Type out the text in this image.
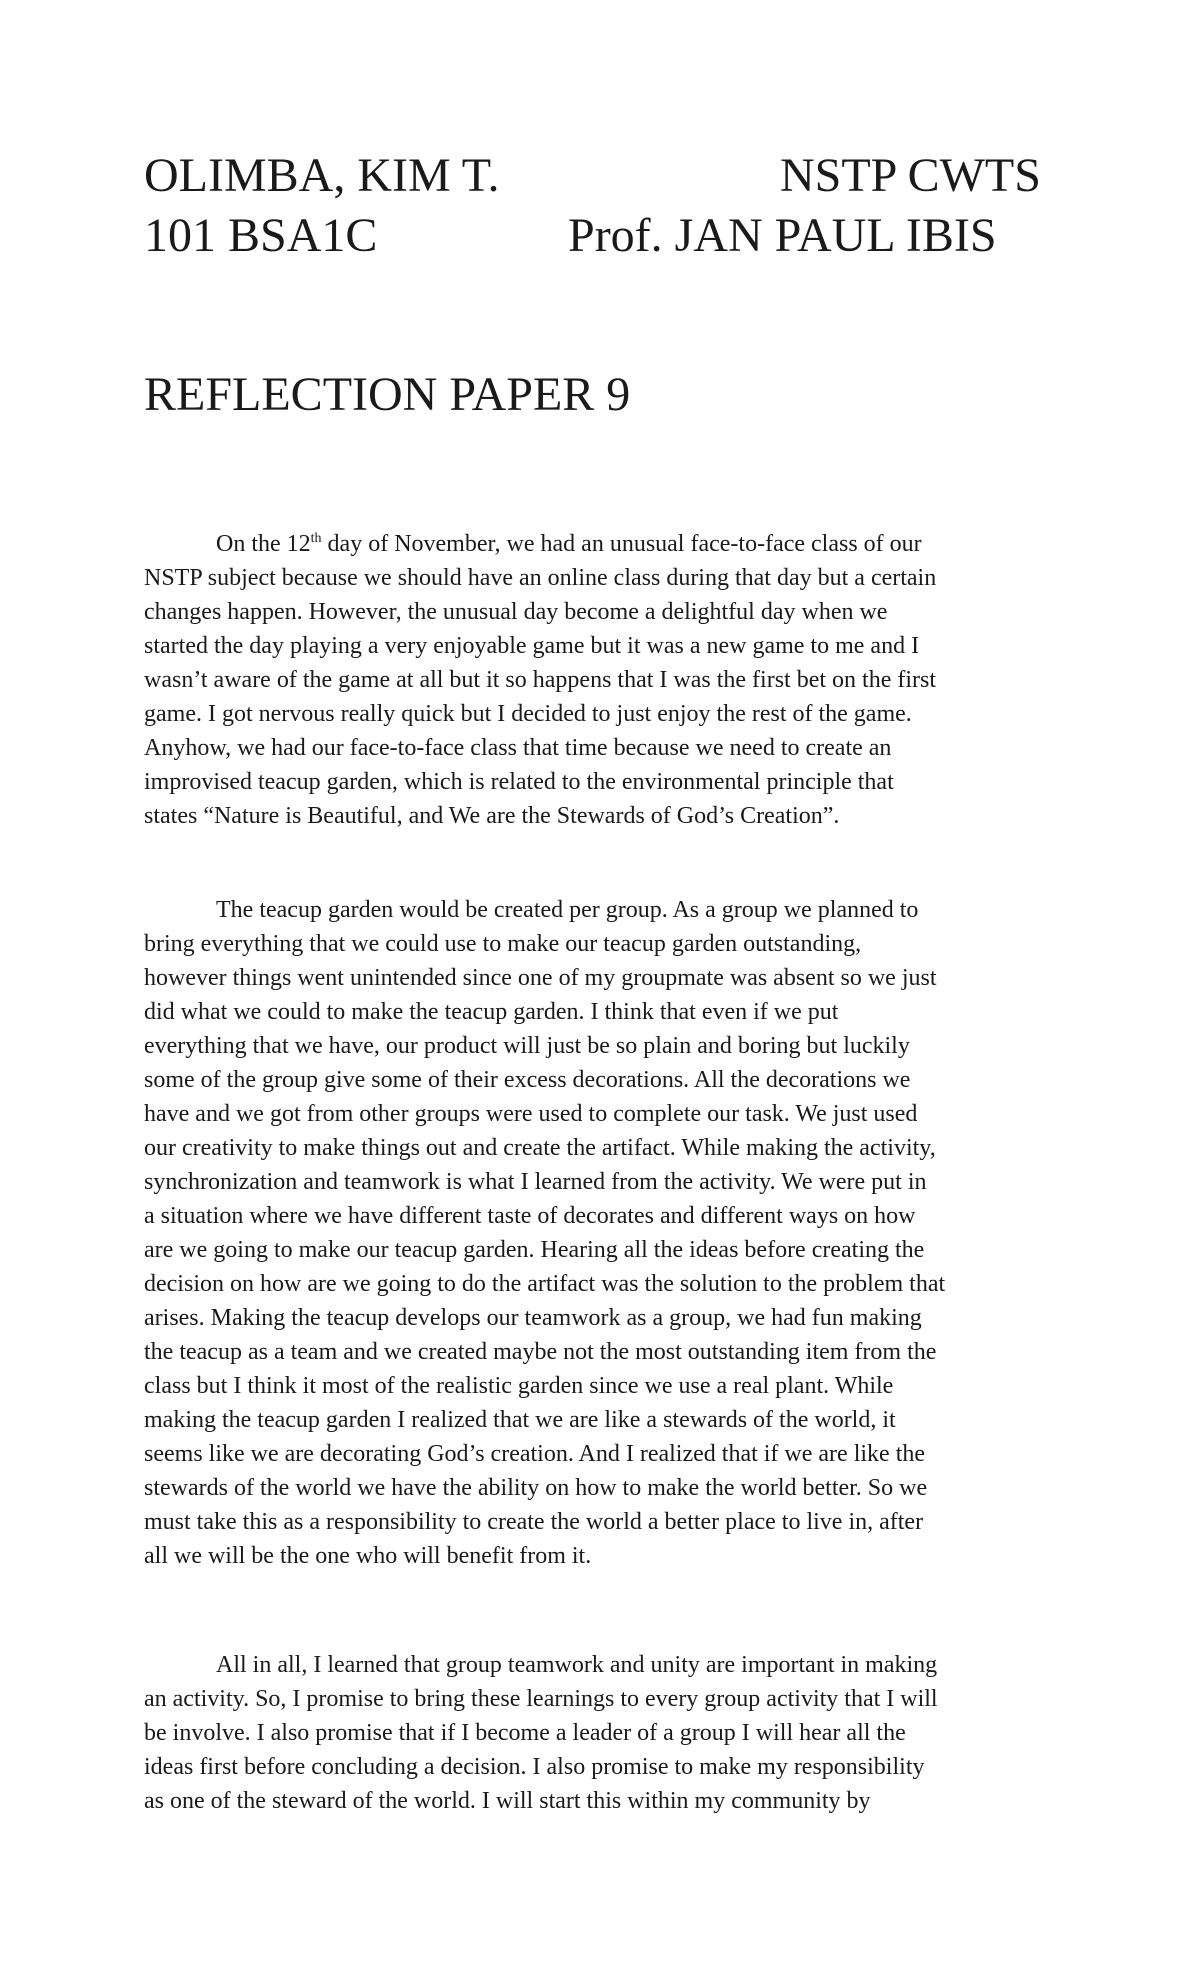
OLIMBA, KIM T.	NSTP CWTS
101 BSA1C	Prof. JAN PAUL IBIS
REFLECTION PAPER 9
On the 12th day of November, we had an unusual face-to-face class of our
NSTP subject because we should have an online class during that day but a certain
changes happen. However, the unusual day become a delightful day when we
started the day playing a very enjoyable game but it was a new game to me and I
wasn’t aware of the game at all but it so happens that I was the first bet on the first
game. I got nervous really quick but I decided to just enjoy the rest of the game.
Anyhow, we had our face-to-face class that time because we need to create an
improvised teacup garden, which is related to the environmental principle that
states “Nature is Beautiful, and We are the Stewards of God’s Creation”.
The teacup garden would be created per group. As a group we planned to
bring everything that we could use to make our teacup garden outstanding,
however things went unintended since one of my groupmate was absent so we just
did what we could to make the teacup garden. I think that even if we put
everything that we have, our product will just be so plain and boring but luckily
some of the group give some of their excess decorations. All the decorations we
have and we got from other groups were used to complete our task. We just used
our creativity to make things out and create the artifact. While making the activity,
synchronization and teamwork is what I learned from the activity. We were put in
a situation where we have different taste of decorates and different ways on how
are we going to make our teacup garden. Hearing all the ideas before creating the
decision on how are we going to do the artifact was the solution to the problem that
arises. Making the teacup develops our teamwork as a group, we had fun making
the teacup as a team and we created maybe not the most outstanding item from the
class but I think it most of the realistic garden since we use a real plant. While
making the teacup garden I realized that we are like a stewards of the world, it
seems like we are decorating God’s creation. And I realized that if we are like the
stewards of the world we have the ability on how to make the world better. So we
must take this as a responsibility to create the world a better place to live in, after
all we will be the one who will benefit from it.
All in all, I learned that group teamwork and unity are important in making
an activity. So, I promise to bring these learnings to every group activity that I will
be involve. I also promise that if I become a leader of a group I will hear all the
ideas first before concluding a decision. I also promise to make my responsibility
as one of the steward of the world. I will start this within my community by
